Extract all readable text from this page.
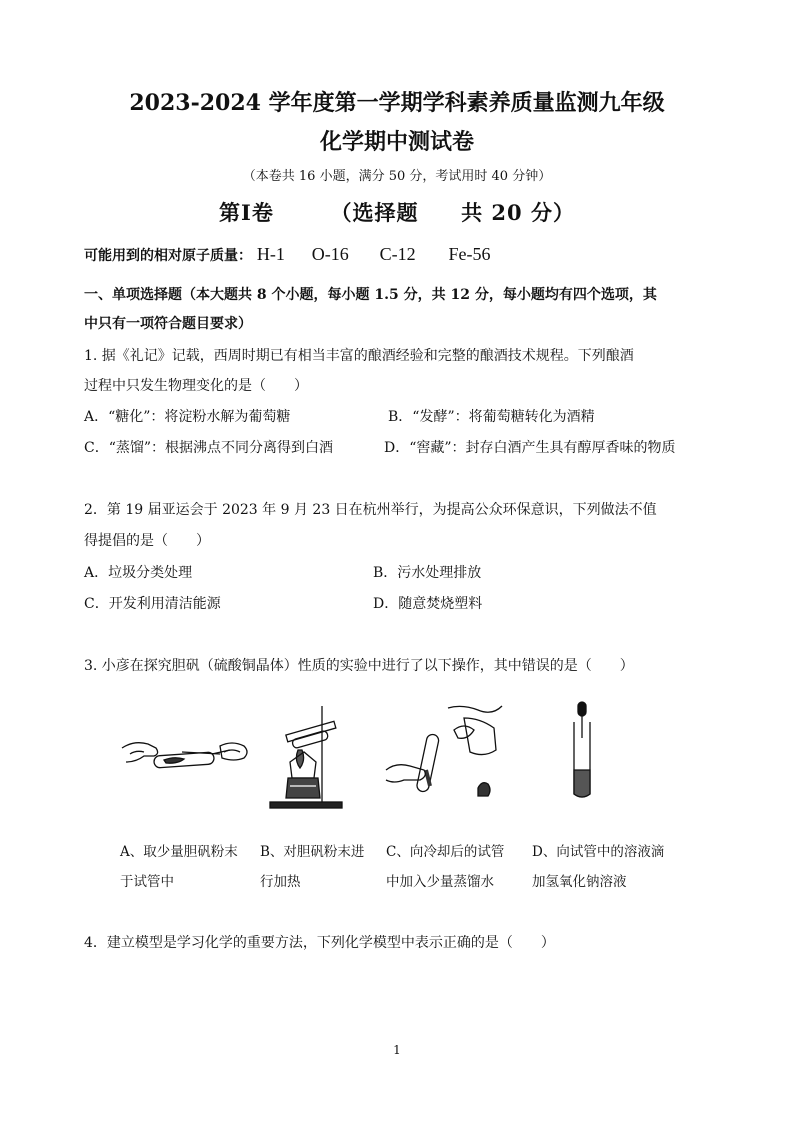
2023-2024 学年度第一学期学科素养质量监测九年级
化学期中测试卷
（本卷共 16 小题，满分 50 分，考试用时 40 分钟）
第Ⅰ卷	（选择题 共 20 分）
可能用到的相对原子质量： H-1 O-16 C-12 Fe-56
一、单项选择题（本大题共 8 个小题，每小题 1.5 分，共 12 分，每小题均有四个选项，其
中只有一项符合题目要求）
1. 据《礼记》记载，西周时期已有相当丰富的酿酒经验和完整的酿酒技术规程。下列酿酒
过程中只发生物理变化的是（　　）
A．“糖化”：将淀粉水解为葡萄糖	B．“发酵”：将葡萄糖转化为酒精
C．“蒸馏”：根据沸点不同分离得到白酒	D．“窖藏”：封存白酒产生具有醇厚香味的物质
2．第 19 届亚运会于 2023 年 9 月 23 日在杭州举行，为提高公众环保意识，下列做法不值
得提倡的是（　　）
A．垃圾分类处理	B．污水处理排放
C．开发利用清洁能源	D．随意焚烧塑料
3. 小彦在探究胆矾（硫酸铜晶体）性质的实验中进行了以下操作，其中错误的是（　　）
A、取少量胆矾粉末
于试管中
B、对胆矾粉末进
行加热
C、向冷却后的试管
中加入少量蒸馏水
D、向试管中的溶液滴
加氢氧化钠溶液
4．建立模型是学习化学的重要方法，下列化学模型中表示正确的是（　　）
1
